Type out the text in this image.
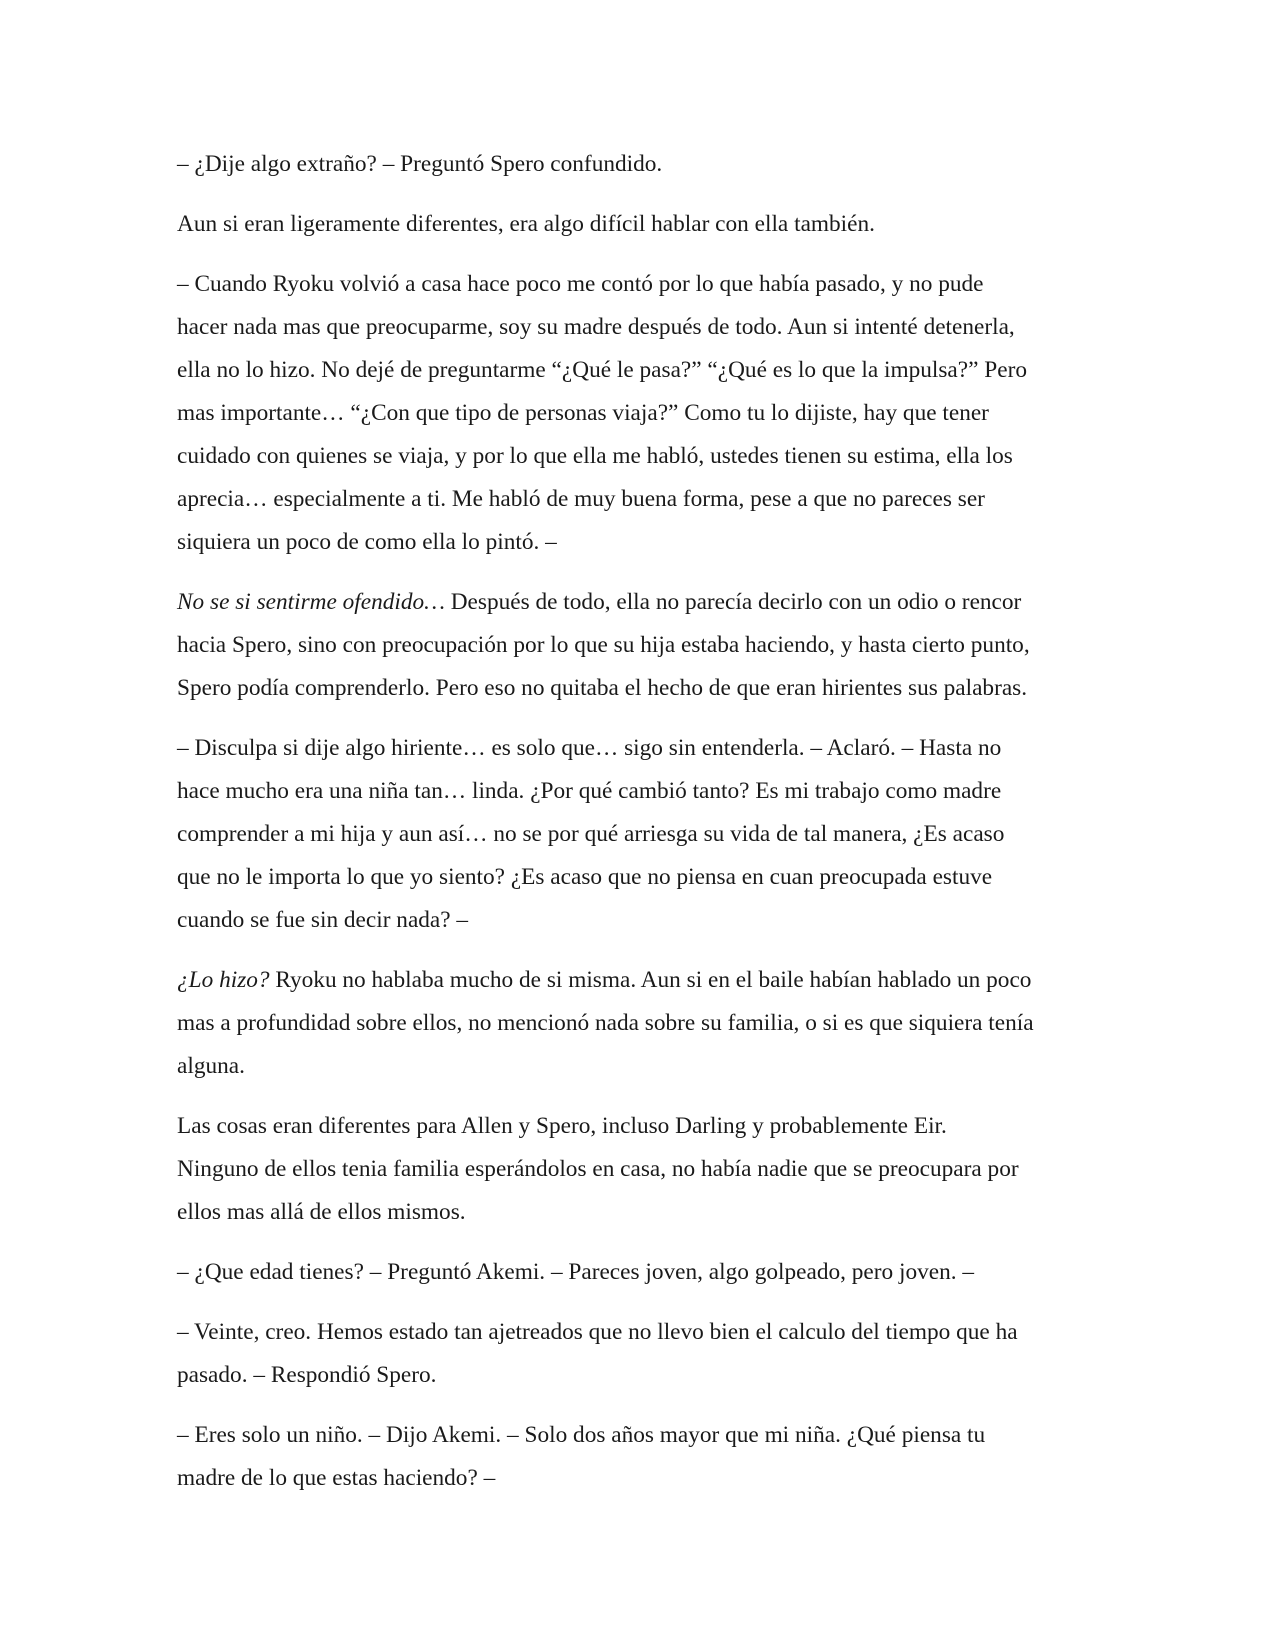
– ¿Dije algo extraño? – Preguntó Spero confundido.

Aun si eran ligeramente diferentes, era algo difícil hablar con ella también.

– Cuando Ryoku volvió a casa hace poco me contó por lo que había pasado, y no pude
hacer nada mas que preocuparme, soy su madre después de todo. Aun si intenté detenerla,
ella no lo hizo. No dejé de preguntarme “¿Qué le pasa?” “¿Qué es lo que la impulsa?” Pero
mas importante… “¿Con que tipo de personas viaja?” Como tu lo dijiste, hay que tener
cuidado con quienes se viaja, y por lo que ella me habló, ustedes tienen su estima, ella los
aprecia… especialmente a ti. Me habló de muy buena forma, pese a que no pareces ser
siquiera un poco de como ella lo pintó. –

No se si sentirme ofendido… Después de todo, ella no parecía decirlo con un odio o rencor
hacia Spero, sino con preocupación por lo que su hija estaba haciendo, y hasta cierto punto,
Spero podía comprenderlo. Pero eso no quitaba el hecho de que eran hirientes sus palabras.

– Disculpa si dije algo hiriente… es solo que… sigo sin entenderla. – Aclaró. – Hasta no
hace mucho era una niña tan… linda. ¿Por qué cambió tanto? Es mi trabajo como madre
comprender a mi hija y aun así… no se por qué arriesga su vida de tal manera, ¿Es acaso
que no le importa lo que yo siento? ¿Es acaso que no piensa en cuan preocupada estuve
cuando se fue sin decir nada? –

¿Lo hizo? Ryoku no hablaba mucho de si misma. Aun si en el baile habían hablado un poco
mas a profundidad sobre ellos, no mencionó nada sobre su familia, o si es que siquiera tenía
alguna.

Las cosas eran diferentes para Allen y Spero, incluso Darling y probablemente Eir.
Ninguno de ellos tenia familia esperándolos en casa, no había nadie que se preocupara por
ellos mas allá de ellos mismos.

– ¿Que edad tienes? – Preguntó Akemi. – Pareces joven, algo golpeado, pero joven. –

– Veinte, creo. Hemos estado tan ajetreados que no llevo bien el calculo del tiempo que ha
pasado. – Respondió Spero.

– Eres solo un niño. – Dijo Akemi. – Solo dos años mayor que mi niña. ¿Qué piensa tu
madre de lo que estas haciendo? –
